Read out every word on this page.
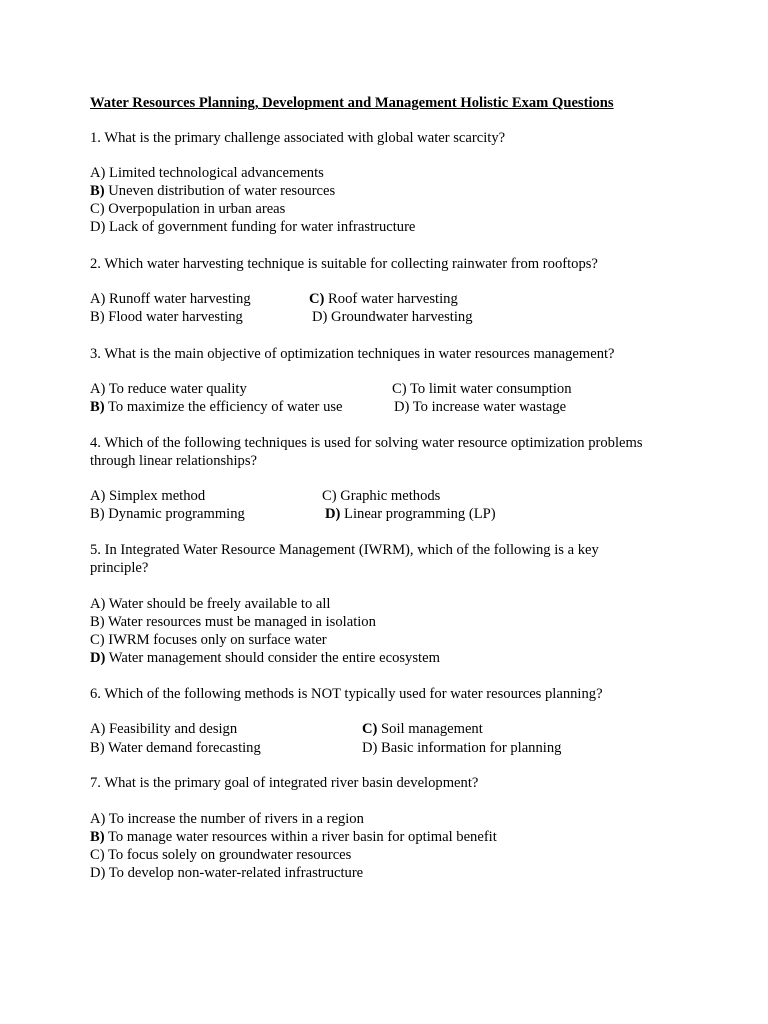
Water Resources Planning, Development and Management Holistic Exam Questions
1. What is the primary challenge associated with global water scarcity?
A) Limited technological advancements
B) Uneven distribution of water resources
C) Overpopulation in urban areas
D) Lack of government funding for water infrastructure
2. Which water harvesting technique is suitable for collecting rainwater from rooftops?
A) Runoff water harvesting
B) Flood water harvesting
C) Roof water harvesting
D) Groundwater harvesting
3. What is the main objective of optimization techniques in water resources management?
A) To reduce water quality
B) To maximize the efficiency of water use
C) To limit water consumption
D) To increase water wastage
4. Which of the following techniques is used for solving water resource optimization problems
through linear relationships?
A) Simplex method
B) Dynamic programming
C) Graphic methods
D) Linear programming (LP)
5. In Integrated Water Resource Management (IWRM), which of the following is a key
principle?
A) Water should be freely available to all
B) Water resources must be managed in isolation
C) IWRM focuses only on surface water
D) Water management should consider the entire ecosystem
6. Which of the following methods is NOT typically used for water resources planning?
A) Feasibility and design
B) Water demand forecasting
C) Soil management
D) Basic information for planning
7. What is the primary goal of integrated river basin development?
A) To increase the number of rivers in a region
B) To manage water resources within a river basin for optimal benefit
C) To focus solely on groundwater resources
D) To develop non-water-related infrastructure
